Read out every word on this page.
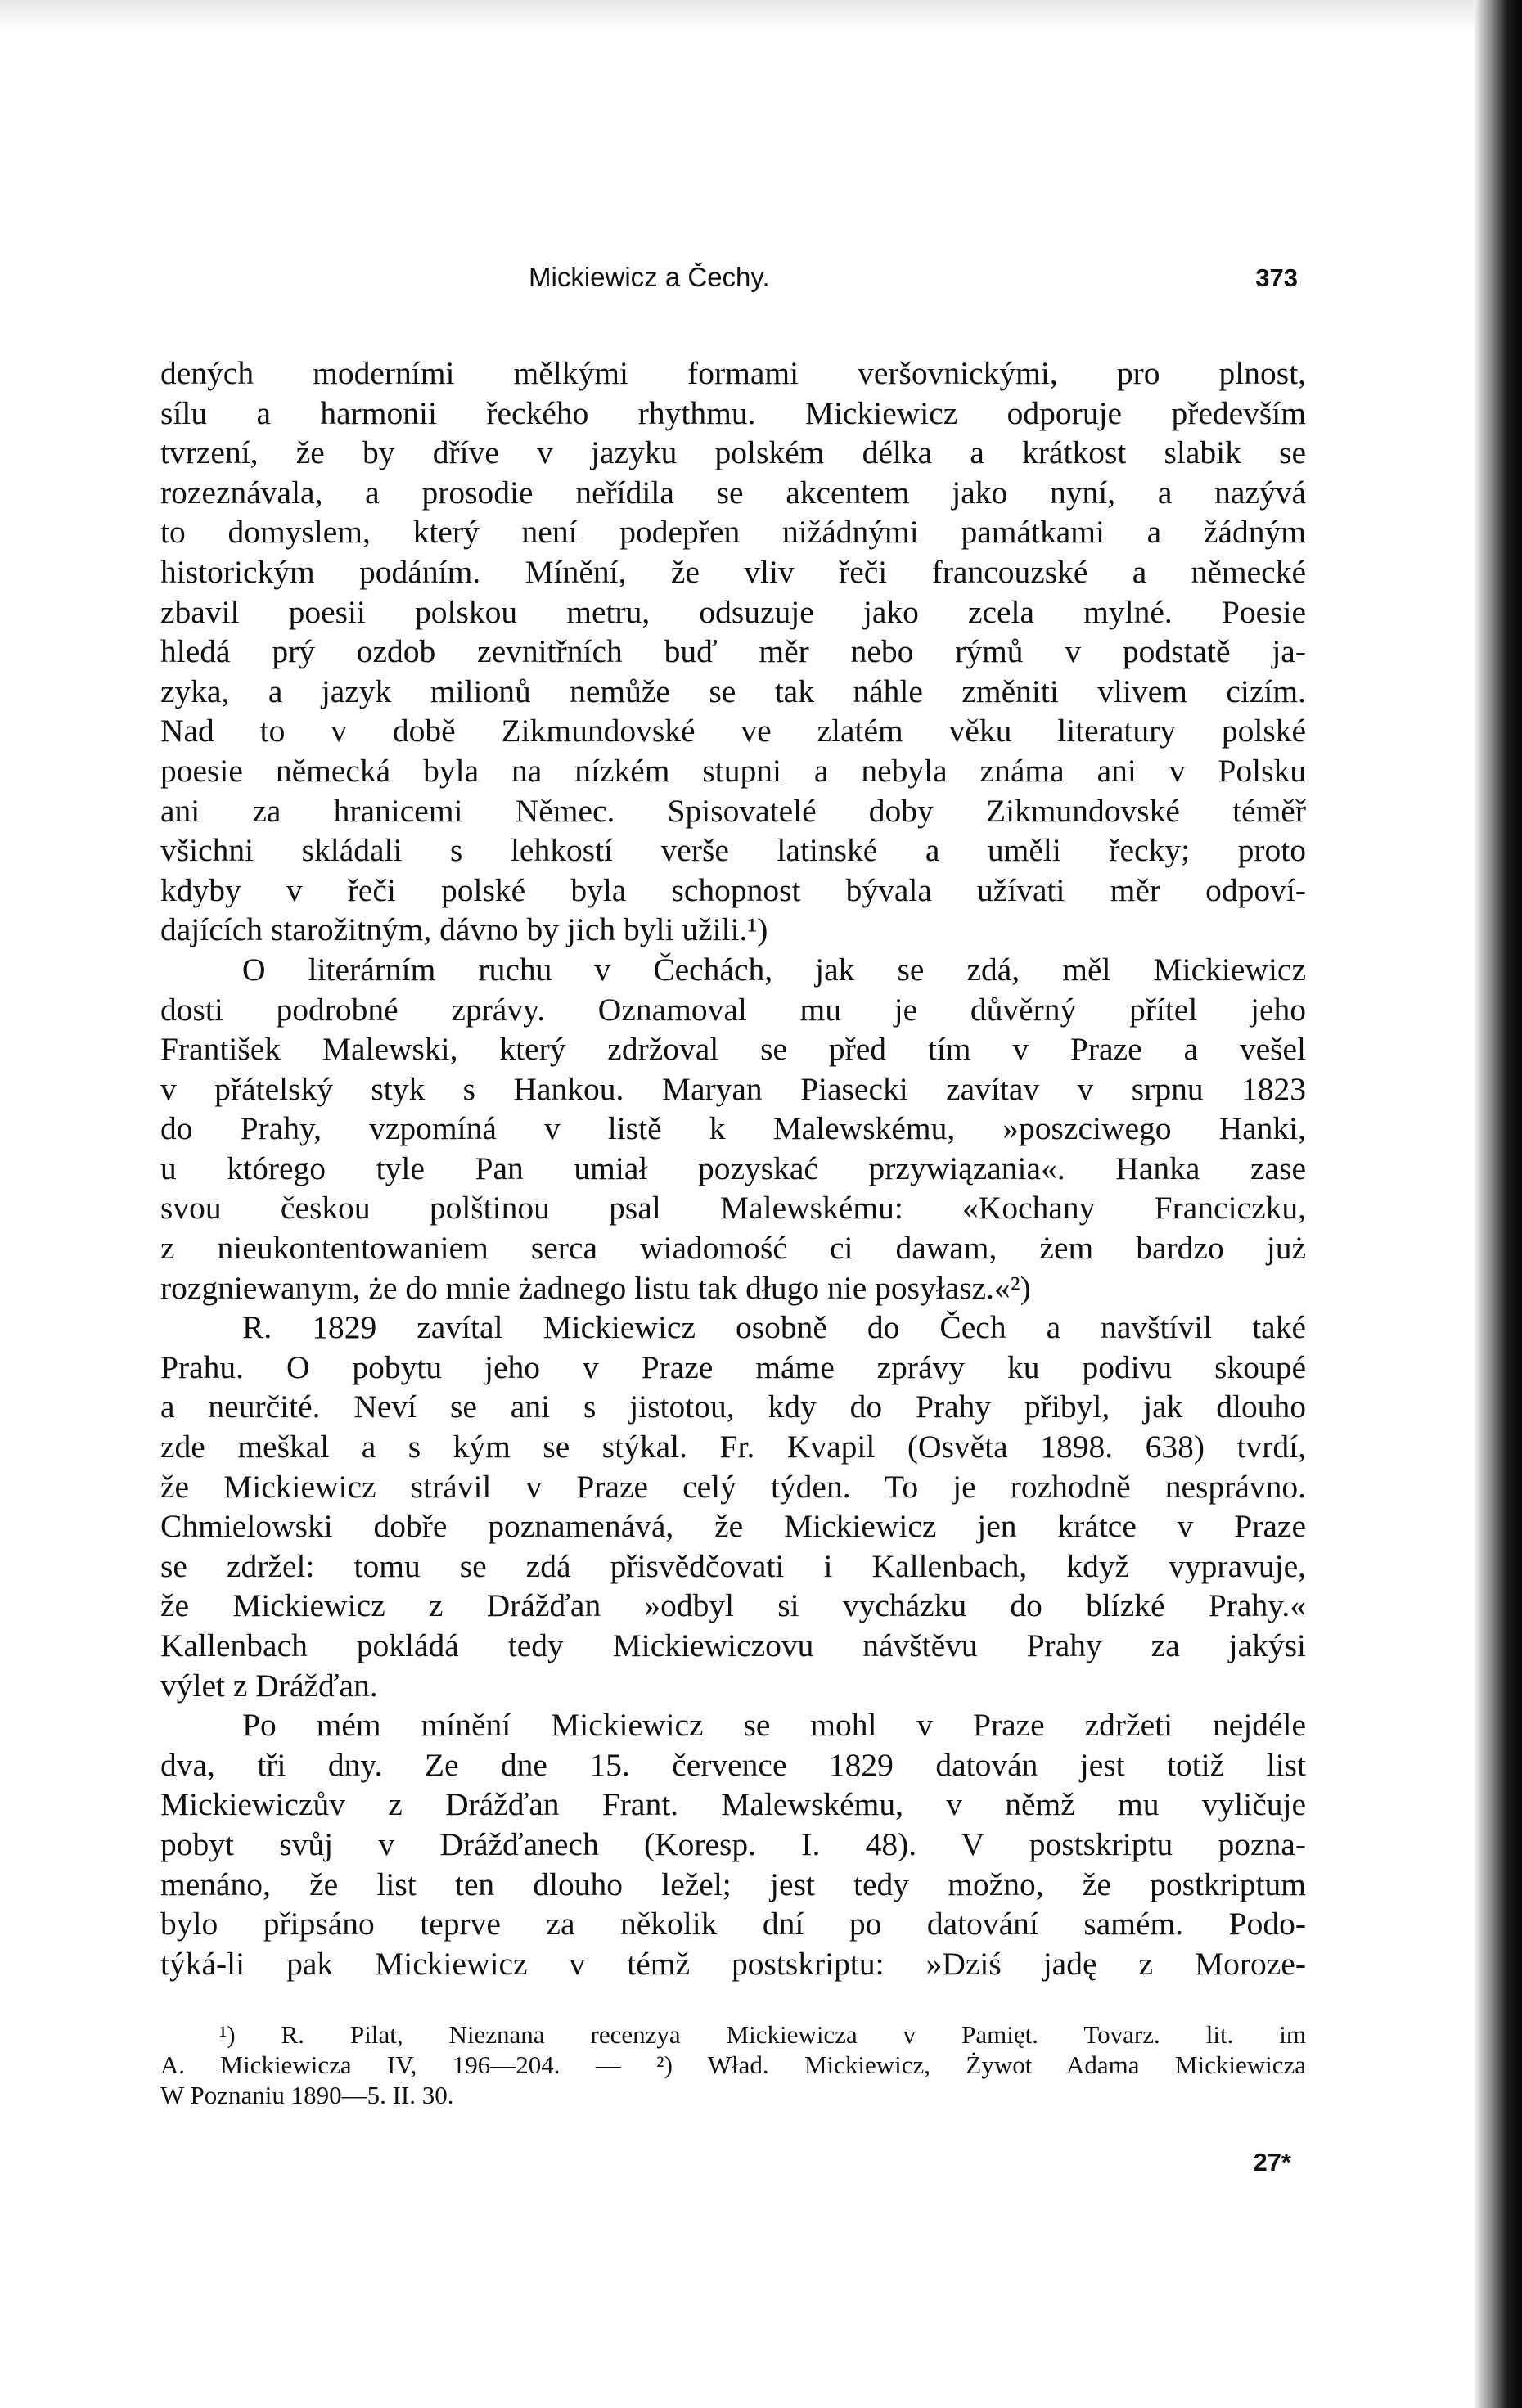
Mickiewicz a Čechy.	373

dených moderními mělkými formami veršovnickými, pro plnost,
sílu a harmonii řeckého rhythmu. Mickiewicz odporuje především
tvrzení, že by dříve v jazyku polském délka a krátkost slabik se
rozeznávala, a prosodie neřídila se akcentem jako nyní, a nazývá
to domyslem, který není podepřen nižádnými památkami a žádným
historickým podáním. Mínění, že vliv řeči francouzské a německé
zbavil poesii polskou metru, odsuzuje jako zcela mylné. Poesie
hledá prý ozdob zevnitřních buď měr nebo rýmů v podstatě ja-
zyka, a jazyk milionů nemůže se tak náhle změniti vlivem cizím.
Nad to v době Zikmundovské ve zlatém věku literatury polské
poesie německá byla na nízkém stupni a nebyla známa ani v Polsku
ani za hranicemi Němec. Spisovatelé doby Zikmundovské téměř
všichni skládali s lehkostí verše latinské a uměli řecky; proto
kdyby v řeči polské byla schopnost bývala užívati měr odpoví-
dajících starožitným, dávno by jich byli užili.¹)

O literárním ruchu v Čechách, jak se zdá, měl Mickiewicz
dosti podrobné zprávy. Oznamoval mu je důvěrný přítel jeho
František Malewski, který zdržoval se před tím v Praze a vešel
v přátelský styk s Hankou. Maryan Piasecki zavítav v srpnu 1823
do Prahy, vzpomíná v listě k Malewskému, »poszciwego Hanki,
u którego tyle Pan umiał pozyskać przywiązania«. Hanka zase
svou českou polštinou psal Malewskému: «Kochany Franciczku,
z nieukontentowaniem serca wiadomość ci dawam, żem bardzo już
rozgniewanym, że do mnie żadnego listu tak długo nie posyłasz.«²)

R. 1829 zavítal Mickiewicz osobně do Čech a navštívil také
Prahu. O pobytu jeho v Praze máme zprávy ku podivu skoupé
a neurčité. Neví se ani s jistotou, kdy do Prahy přibyl, jak dlouho
zde meškal a s kým se stýkal. Fr. Kvapil (Osvěta 1898. 638) tvrdí,
že Mickiewicz strávil v Praze celý týden. To je rozhodně nesprávno.
Chmielowski dobře poznamenává, že Mickiewicz jen krátce v Praze
se zdržel: tomu se zdá přisvědčovati i Kallenbach, když vypravuje,
že Mickiewicz z Drážďan »odbyl si vycházku do blízké Prahy.«
Kallenbach pokládá tedy Mickiewiczovu návštěvu Prahy za jakýsi
výlet z Drážďan.

Po mém mínění Mickiewicz se mohl v Praze zdržeti nejdéle
dva, tři dny. Ze dne 15. července 1829 datován jest totiž list
Mickiewiczův z Drážďan Frant. Malewskému, v němž mu vyličuje
pobyt svůj v Drážďanech (Koresp. I. 48). V postskriptu pozna-
menáno, že list ten dlouho ležel; jest tedy možno, že postkriptum
bylo připsáno teprve za několik dní po datování samém. Podo-
týká-li pak Mickiewicz v témž postskriptu: »Dziś jadę z Moroze-

¹) R. Pilat, Nieznana recenzya Mickiewicza v Pamięt. Tovarz. lit. im
A. Mickiewicza IV, 196—204. — ²) Wład. Mickiewicz, Żywot Adama Mickiewicza
W Poznaniu 1890—5. II. 30.
27*
